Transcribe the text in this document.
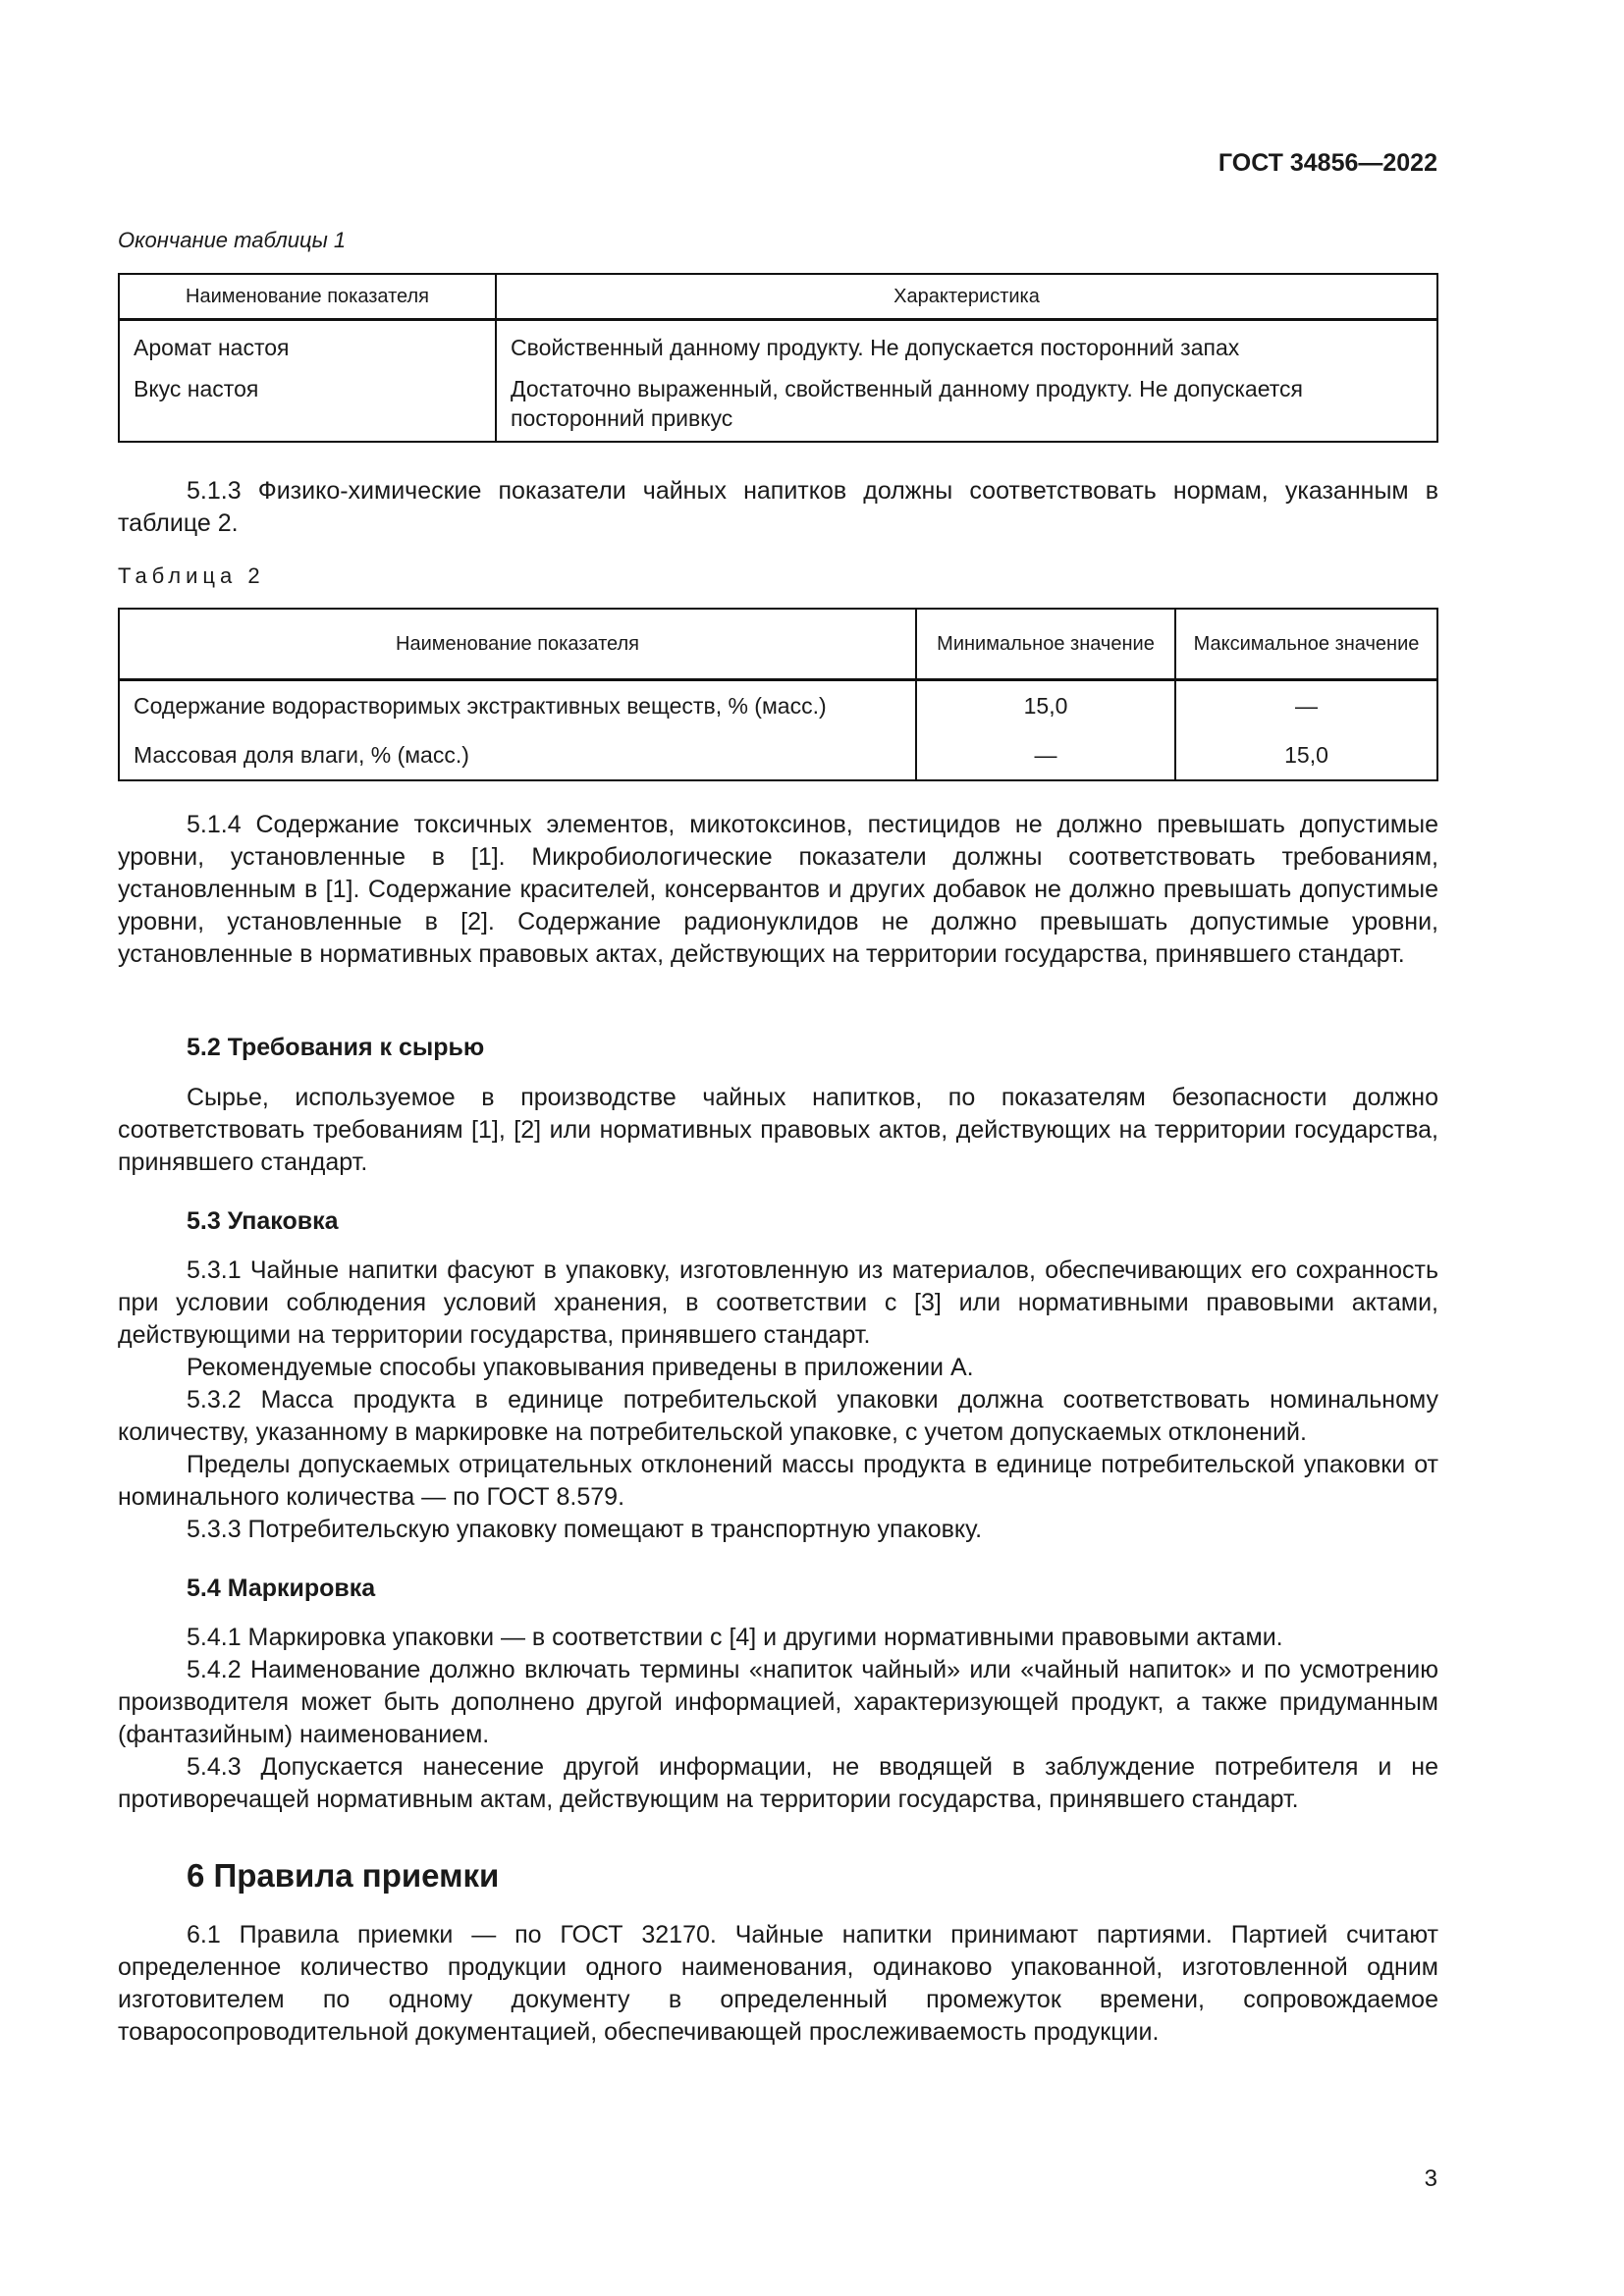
ГОСТ 34856—2022
Окончание таблицы 1
Наименование показателя	Характеристика

Аромат настоя	Свойственный данному продукту. Не допускается посторонний запах

Вкус настоя	Достаточно выраженный, свойственный данному продукту. Не допускается посторонний привкус
5.1.3 Физико-химические показатели чайных напитков должны соответствовать нормам, указанным в таблице 2.
Таблица 2
Наименование показателя	Минимальное значение	Максимальное значение

Содержание водорастворимых экстрактивных веществ, % (масс.)	15,0	—

Массовая доля влаги, % (масс.)	—	15,0
5.1.4 Содержание токсичных элементов, микотоксинов, пестицидов не должно превышать допустимые уровни, установленные в [1]. Микробиологические показатели должны соответствовать требованиям, установленным в [1]. Содержание красителей, консервантов и других добавок не должно превышать допустимые уровни, установленные в [2]. Содержание радионуклидов не должно превышать допустимые уровни, установленные в нормативных правовых актах, действующих на территории государства, принявшего стандарт.
5.2 Требования к сырью
Сырье, используемое в производстве чайных напитков, по показателям безопасности должно соответствовать требованиям [1], [2] или нормативных правовых актов, действующих на территории государства, принявшего стандарт.
5.3 Упаковка
5.3.1 Чайные напитки фасуют в упаковку, изготовленную из материалов, обеспечивающих его сохранность при условии соблюдения условий хранения, в соответствии с [3] или нормативными правовыми актами, действующими на территории государства, принявшего стандарт.
Рекомендуемые способы упаковывания приведены в приложении А.
5.3.2 Масса продукта в единице потребительской упаковки должна соответствовать номинальному количеству, указанному в маркировке на потребительской упаковке, с учетом допускаемых отклонений.
Пределы допускаемых отрицательных отклонений массы продукта в единице потребительской упаковки от номинального количества — по ГОСТ 8.579.
5.3.3 Потребительскую упаковку помещают в транспортную упаковку.
5.4 Маркировка
5.4.1 Маркировка упаковки — в соответствии с [4] и другими нормативными правовыми актами.
5.4.2 Наименование должно включать термины «напиток чайный» или «чайный напиток» и по усмотрению производителя может быть дополнено другой информацией, характеризующей продукт, а также придуманным (фантазийным) наименованием.
5.4.3 Допускается нанесение другой информации, не вводящей в заблуждение потребителя и не противоречащей нормативным актам, действующим на территории государства, принявшего стандарт.
6 Правила приемки
6.1 Правила приемки — по ГОСТ 32170. Чайные напитки принимают партиями. Партией считают определенное количество продукции одного наименования, одинаково упакованной, изготовленной одним изготовителем по одному документу в определенный промежуток времени, сопровождаемое товаросопроводительной документацией, обеспечивающей прослеживаемость продукции.
3
